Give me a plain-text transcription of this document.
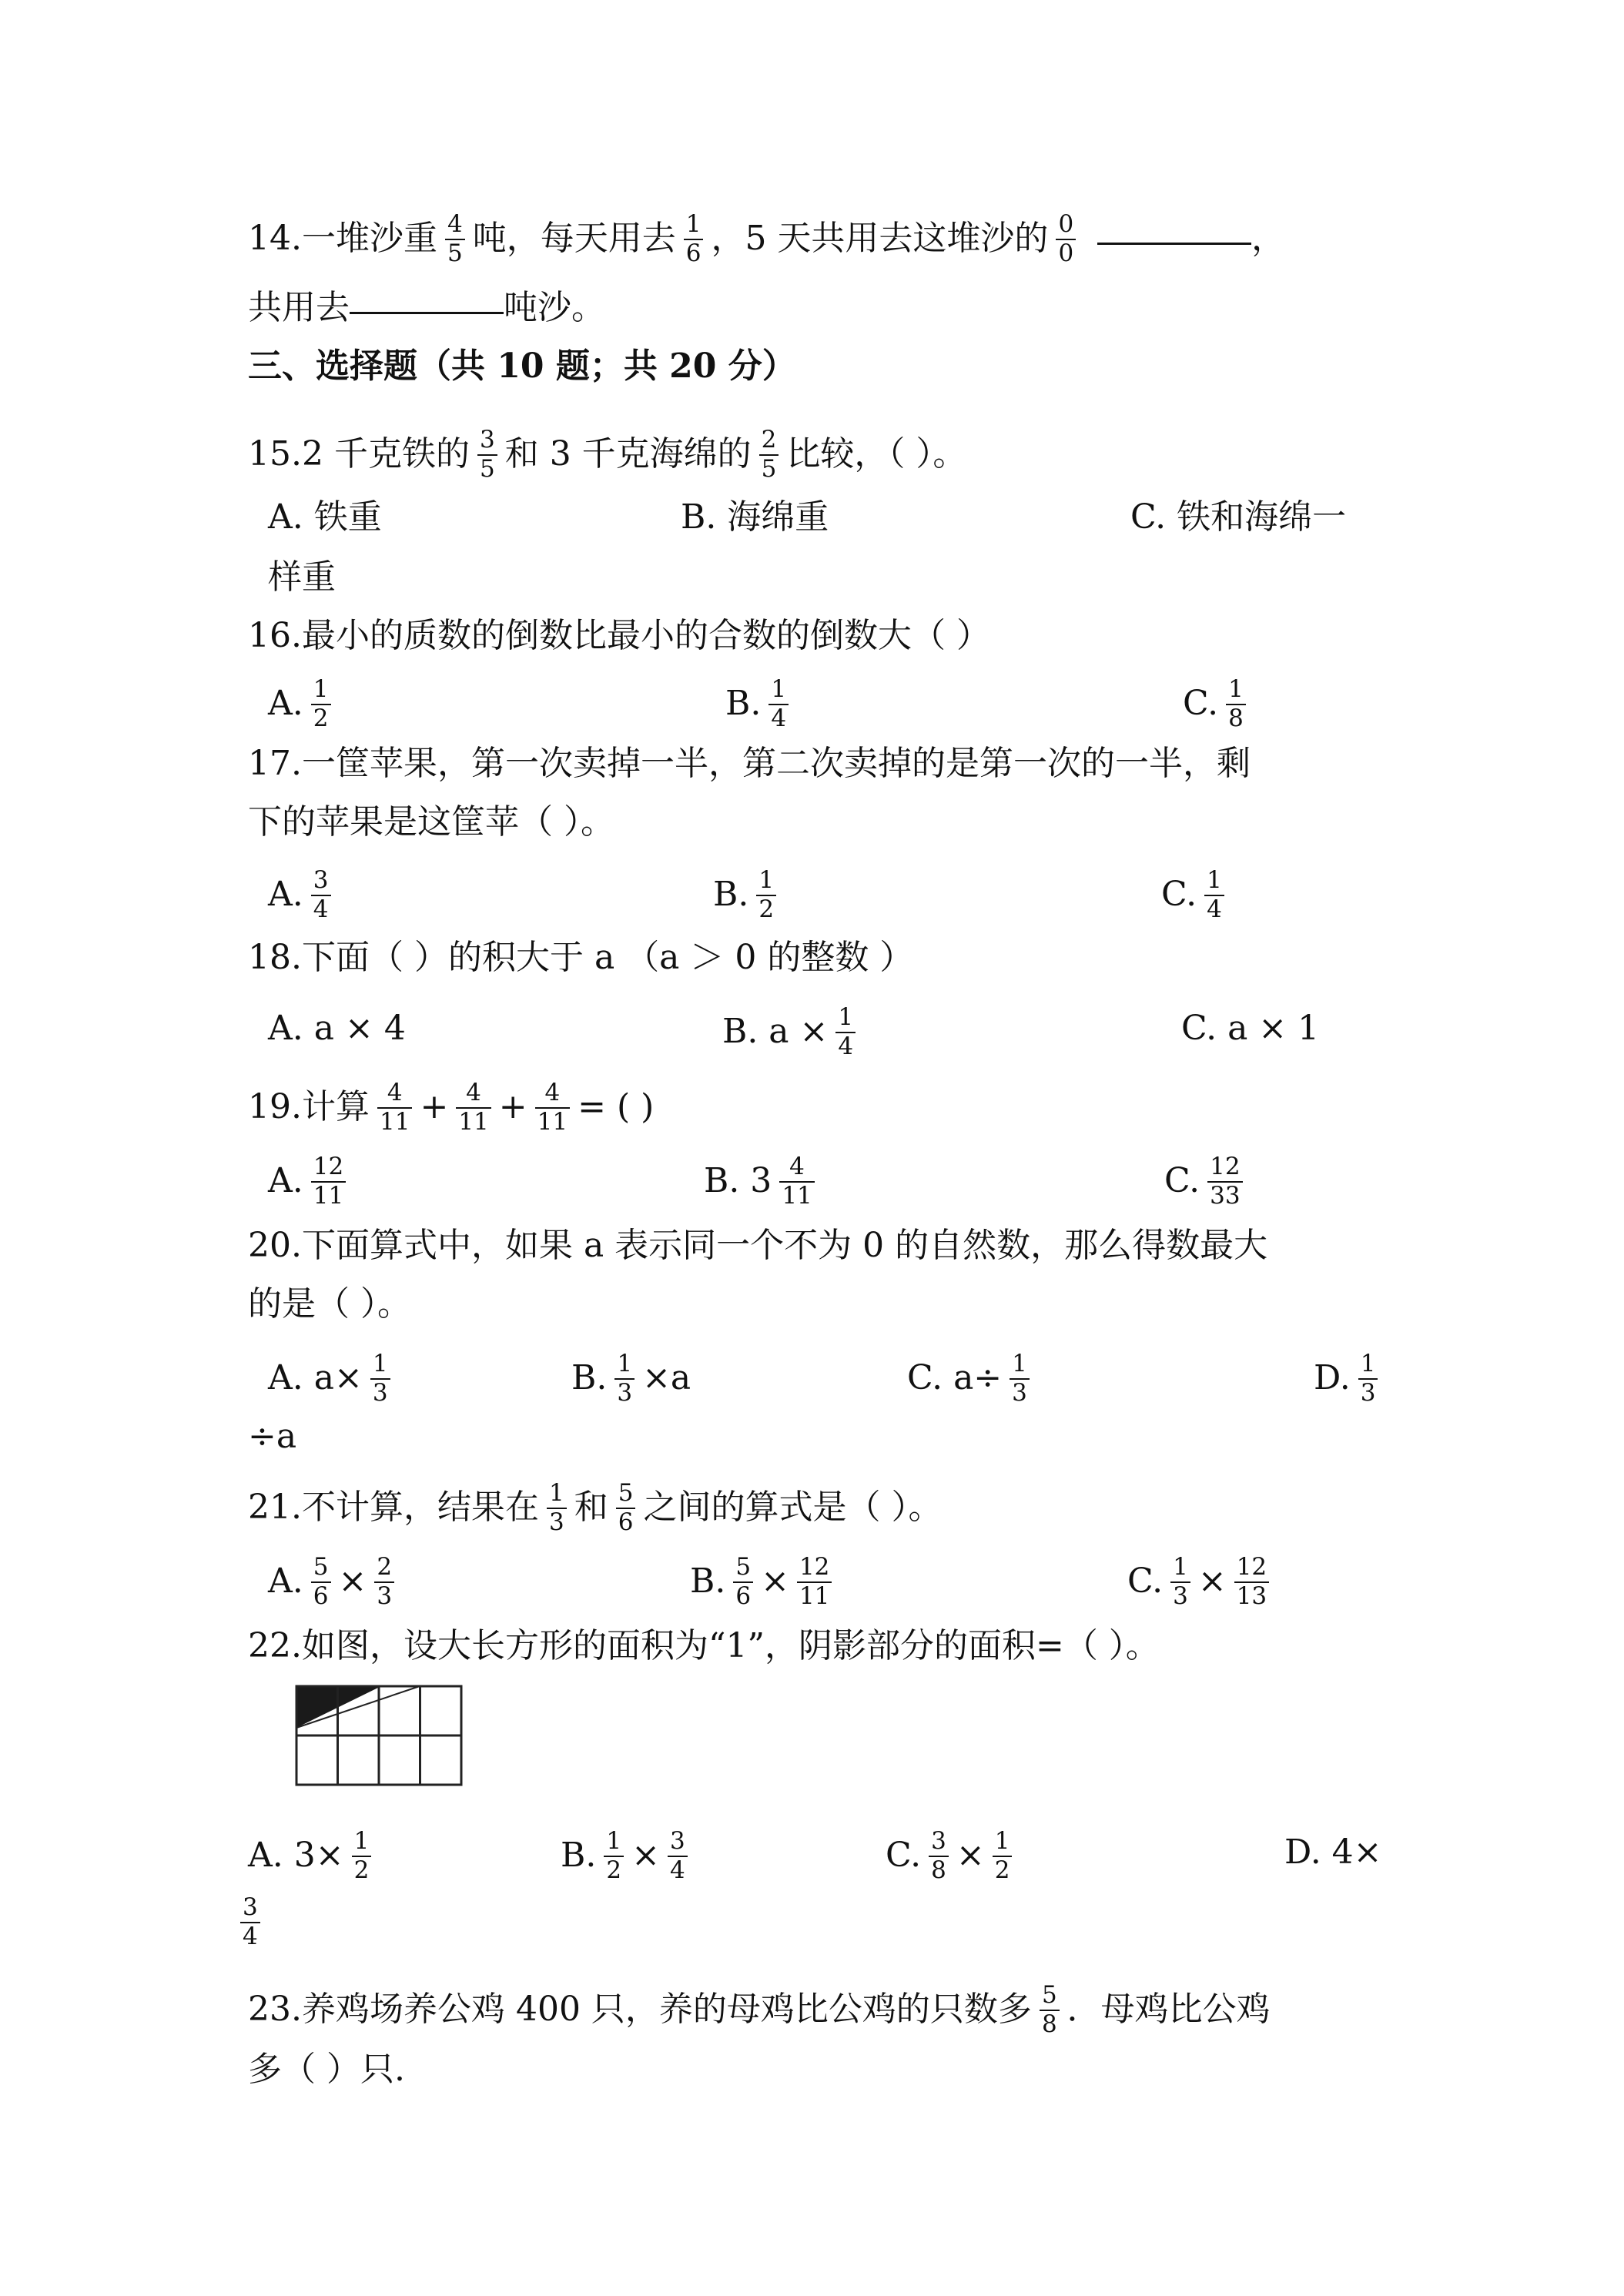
14.一堆沙重 $\frac{4}{5}$ 吨，每天用去 $\frac{1}{6}$ ，5 天共用去这堆沙的 $\frac{0}{0}$	，
共用去	吨沙。
三、选择题（共 10 题；共 20 分）
15.2 千克铁的 $\frac{3}{5}$ 和 3 千克海绵的 $\frac{2}{5}$ 比较，（ ）。
A. 铁重	B. 海绵重	C. 铁和海绵一
样重
16.最小的质数的倒数比最小的合数的倒数大（ ）
A. $\frac{1}{2}$	B. $\frac{1}{4}$	C. $\frac{1}{8}$
17.一筐苹果，第一次卖掉一半，第二次卖掉的是第一次的一半，剩
下的苹果是这筐苹（ ）。
A. $\frac{3}{4}$	B. $\frac{1}{2}$	C. $\frac{1}{4}$
18.下面（ ）的积大于 a （a ＞ 0 的整数 ）
A. a × 4	B. $a \times \frac{1}{4}$	C. a × 1
19.计算 $\frac{4}{11} + \frac{4}{11} + \frac{4}{11}$ = ( )
A. $\frac{12}{11}$	B. $3 \frac{4}{11}$	C. $\frac{12}{33}$
20.下面算式中，如果 a 表示同一个不为 0 的自然数，那么得数最大
的是（ ）。
A. $a\times \frac{1}{3}$	B. $\frac{1}{3} \times a$	C. $a\div \frac{1}{3}$	D. $\frac{1}{3}$
÷a
21.不计算，结果在 $\frac{1}{3}$ 和 $\frac{5}{6}$ 之间的算式是（ ）。
A. $\frac{5}{6} \times \frac{2}{3}$	B. $\frac{5}{6} \times \frac{12}{11}$	C. $\frac{1}{3} \times \frac{12}{13}$
22.如图，设大长方形的面积为“1”，阴影部分的面积=（ ）。
A. $3\times \frac{1}{2}$	B. $\frac{1}{2} \times \frac{3}{4}$	C. $\frac{3}{8} \times \frac{1}{2}$	D. 4×
$\frac{3}{4}$
23.养鸡场养公鸡 400 只，养的母鸡比公鸡的只数多 $\frac{5}{8}$ ．母鸡比公鸡
多（ ）只.
